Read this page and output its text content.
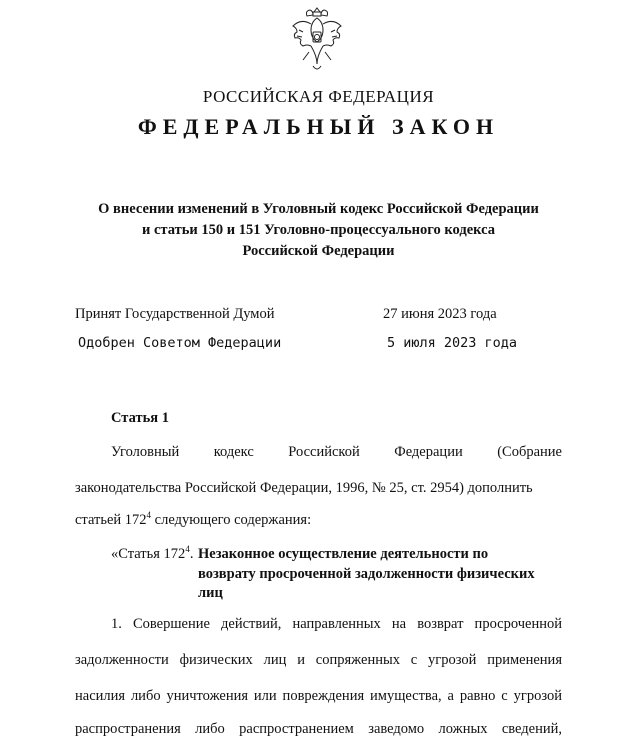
РОССИЙСКАЯ ФЕДЕРАЦИЯ
ФЕДЕРАЛЬНЫЙ ЗАКОН
О внесении изменений в Уголовный кодекс Российской Федерации
и статьи 150 и 151 Уголовно-процессуального кодекса
Российской Федерации
Принят Государственной Думой	27 июня 2023 года
Одобрен Советом Федерации	5 июля 2023 года
Статья 1
Уголовный кодекс Российской Федерации (Собрание
законодательства Российской Федерации, 1996, № 25, ст. 2954) дополнить
статьей $172^4$ следующего содержания:
«Статья $172^4$. Незаконное осуществление деятельности по
возврату просроченной задолженности физических
лиц
1. Совершение действий, направленных на возврат просроченной
задолженности физических лиц и сопряженных с угрозой применения
насилия либо уничтожения или повреждения имущества, а равно с угрозой
распространения либо распространением заведомо ложных сведений,
